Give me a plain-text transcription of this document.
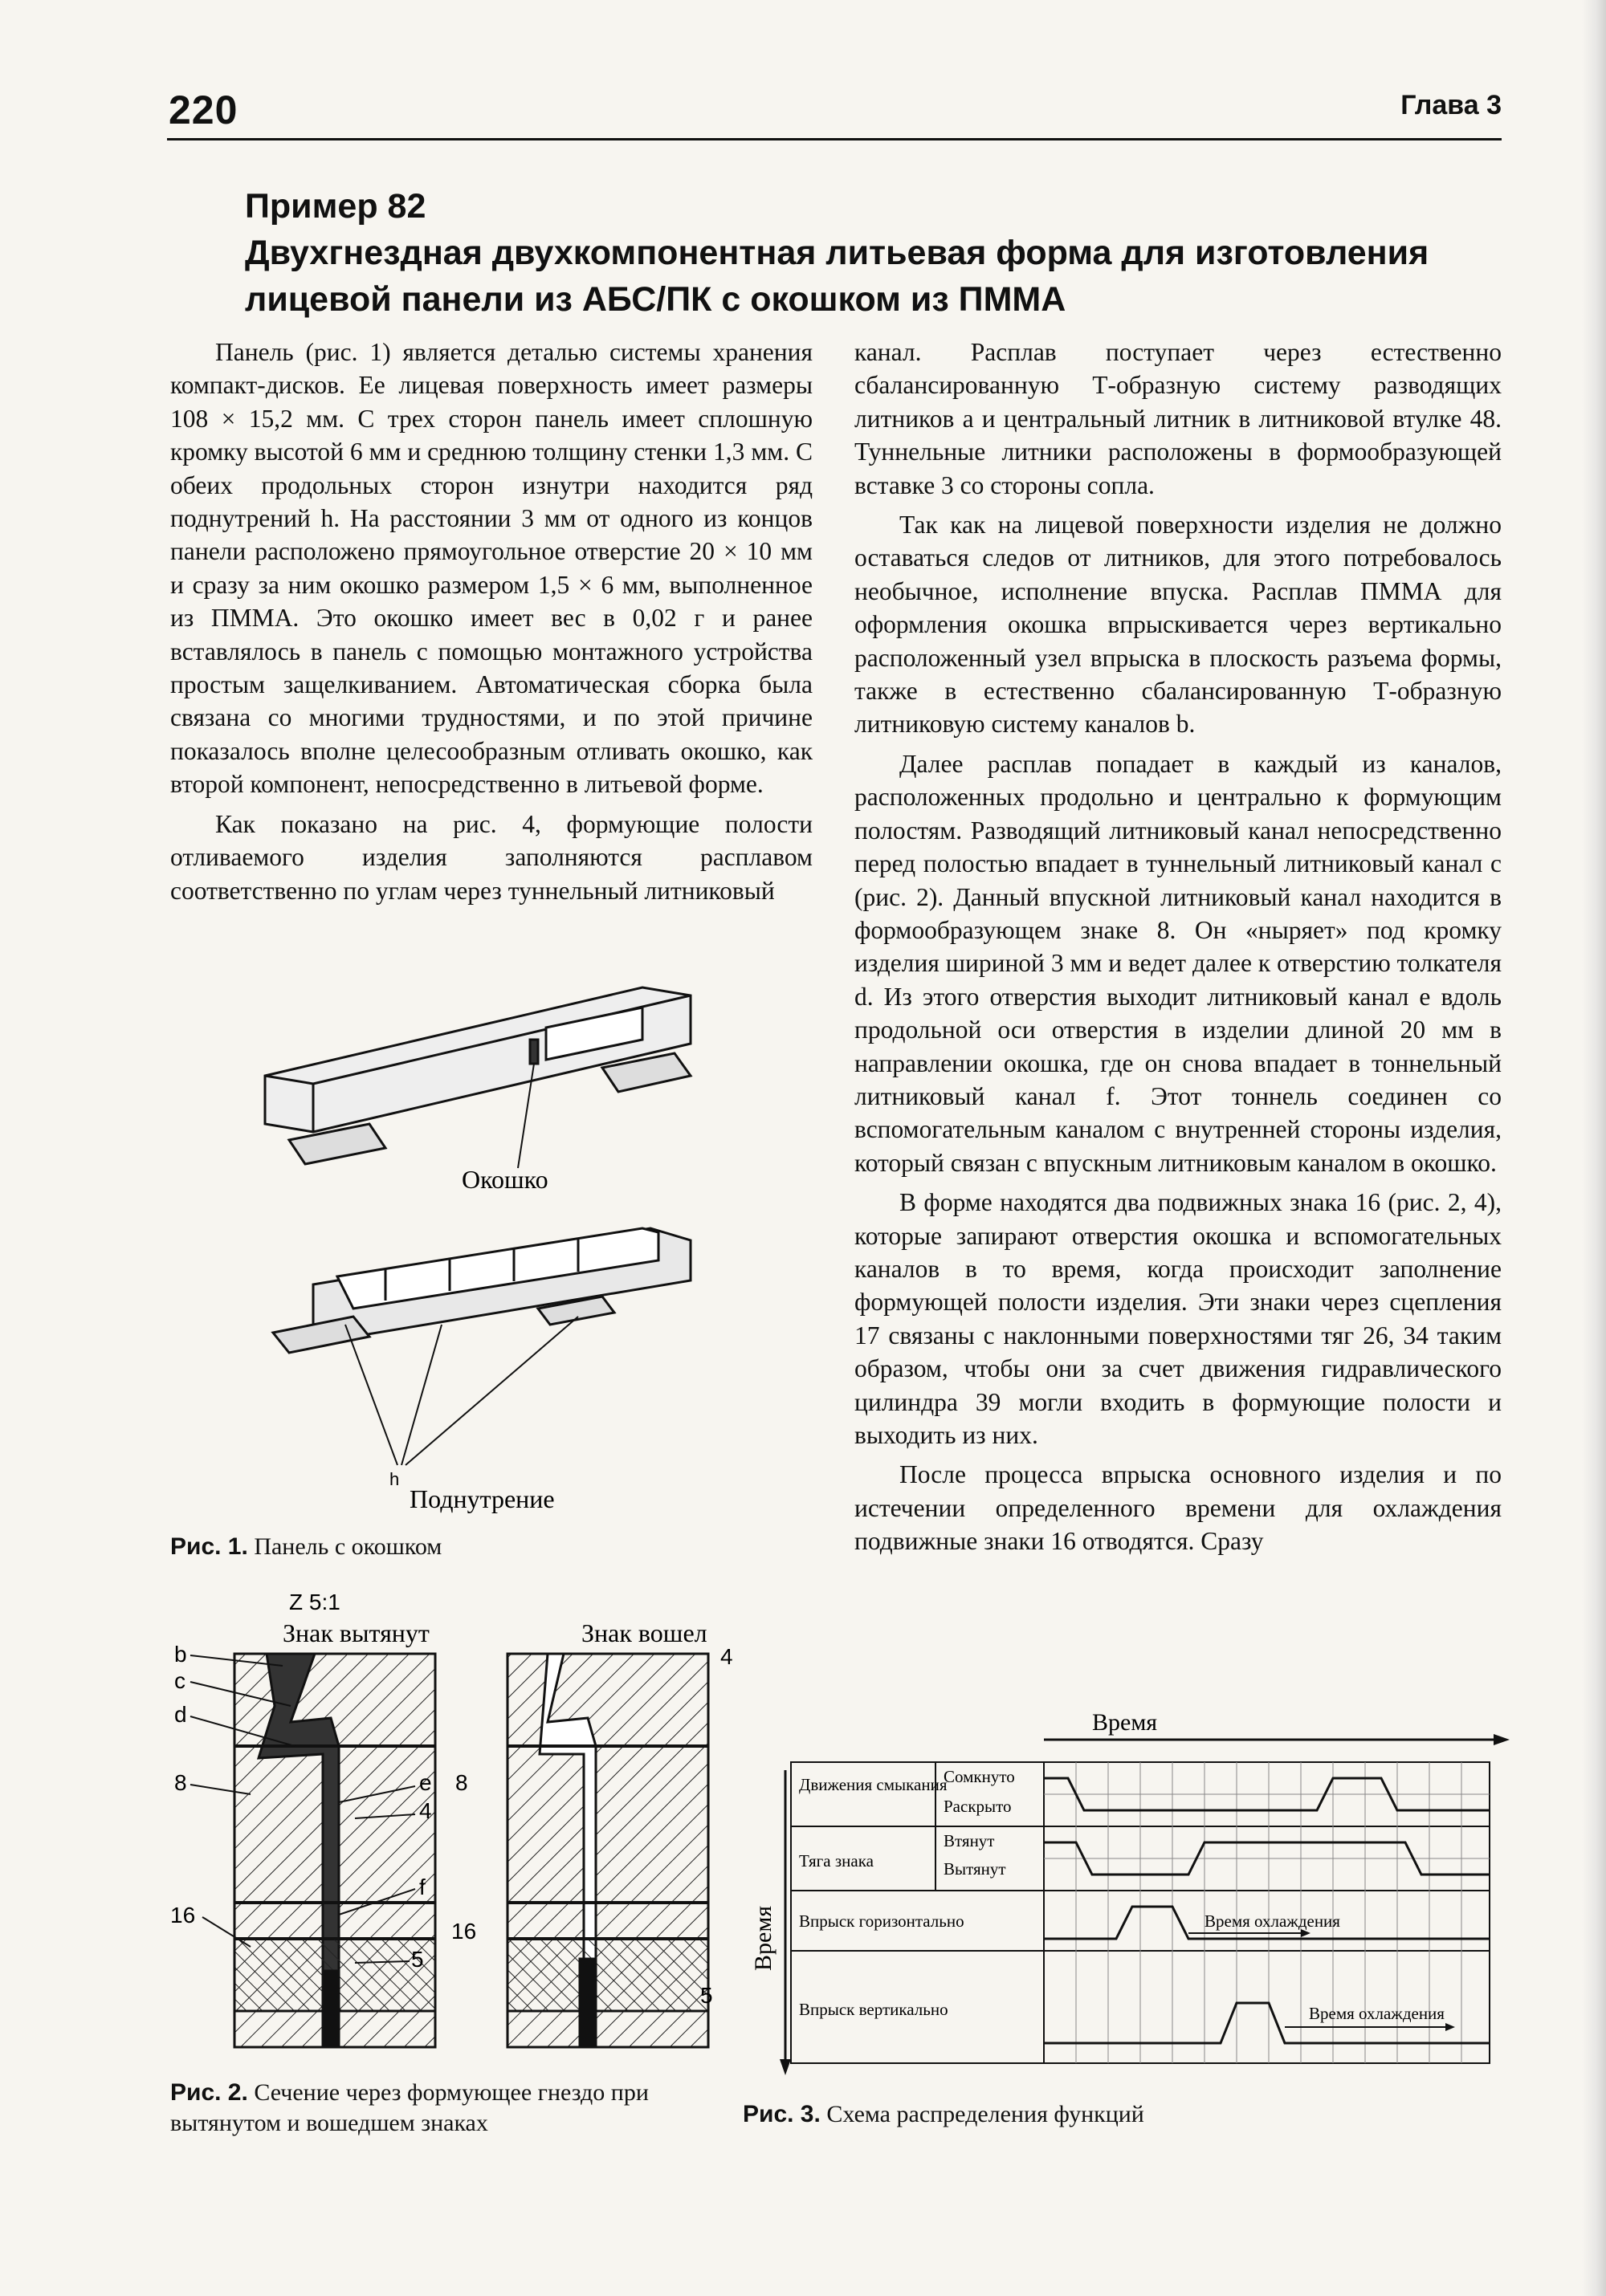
220	Глава 3
Пример 82
Двухгнездная двухкомпонентная литьевая форма для изготовления
лицевой панели из АБС/ПК с окошком из ПММА

Панель (рис. 1) является деталью системы хранения компакт-дисков. Ее лицевая поверхность имеет размеры 108 × 15,2 мм. С трех сторон панель имеет сплошную кромку высотой 6 мм и среднюю толщину стенки 1,3 мм. С обеих продольных сторон изнутри находится ряд поднутрений h. На расстоянии 3 мм от одного из концов панели расположено прямоугольное отверстие 20 × 10 мм и сразу за ним окошко размером 1,5 × 6 мм, выполненное из ПММА. Это окошко имеет вес в 0,02 г и ранее вставлялось в панель с помощью монтажного устройства простым защелкиванием. Автоматическая сборка была связана со многими трудностями, и по этой причине показалось вполне целесообразным отливать окошко, как второй компонент, непосредственно в литьевой форме.

Как показано на рис. 4, формующие полости отливаемого изделия заполняются расплавом соответственно по углам через туннельный литниковый

канал. Расплав поступает через естественно сбалансированную Т-образную систему разводящих литников a и центральный литник в литниковой втулке 48. Туннельные литники расположены в формообразующей вставке 3 со стороны сопла.

Так как на лицевой поверхности изделия не должно оставаться следов от литников, для этого потребовалось необычное, исполнение впуска. Расплав ПММА для оформления окошка впрыскивается через вертикально расположенный узел впрыска в плоскость разъема формы, также в естественно сбалансированную Т-образную литниковую систему каналов b.

Далее расплав попадает в каждый из каналов, расположенных продольно и центрально к формующим полостям. Разводящий литниковый канал непосредственно перед полостью впадает в туннельный литниковый канал c (рис. 2). Данный впускной литниковый канал находится в формообразующем знаке 8. Он «ныряет» под кромку изделия шириной 3 мм и ведет далее к отверстию толкателя d. Из этого отверстия выходит литниковый канал e вдоль продольной оси отверстия в изделии длиной 20 мм в направлении окошка, где он снова впадает в тоннельный литниковый канал f. Этот тоннель соединен со вспомогательным каналом с внутренней стороны изделия, который связан с впускным литниковым каналом в окошко.

В форме находятся два подвижных знака 16 (рис. 2, 4), которые запирают отверстия окошка и вспомогательных каналов в то время, когда происходит заполнение формующей полости изделия. Эти знаки через сцепления 17 связаны с наклонными поверхностями тяг 26, 34 таким образом, чтобы они за счет движения гидравлического цилиндра 39 могли входить в формующие полости и выходить из них.

После процесса впрыска основного изделия и по истечении определенного времени для охлаждения подвижные знаки 16 отводятся. Сразу

Окошко
h
Поднутрение
Рис. 1. Панель с окошком
Z 5:1
Знак вытянут	Знак вошел
b
c
d
8	e
4
f
16
5
8
4
16
5
Рис. 2. Сечение через формующее гнездо при вытянутом и вошедшем знаках
Время
Время
Движения смыкания
Сомкнуто
Раскрыто
Тяга знака
Втянут
Вытянут
Впрыск горизонтально
Впрыск вертикально
Время охлаждения
Время охлаждения
Рис. 3. Схема распределения функций
